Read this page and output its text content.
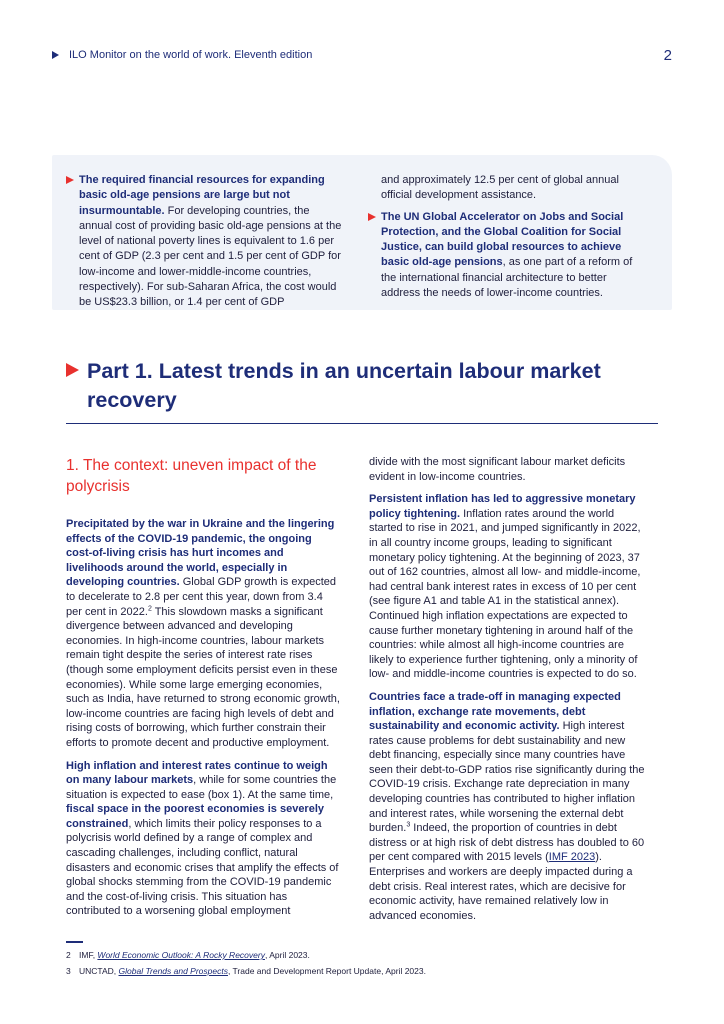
ILO Monitor on the world of work. Eleventh edition	2
The required financial resources for expanding basic old-age pensions are large but not insurmountable. For developing countries, the annual cost of providing basic old-age pensions at the level of national poverty lines is equivalent to 1.6 per cent of GDP (2.3 per cent and 1.5 per cent of GDP for low-income and lower-middle-income countries, respectively). For sub-Saharan Africa, the cost would be US$23.3 billion, or 1.4 per cent of GDP
and approximately 12.5 per cent of global annual official development assistance.
The UN Global Accelerator on Jobs and Social Protection, and the Global Coalition for Social Justice, can build global resources to achieve basic old-age pensions, as one part of a reform of the international financial architecture to better address the needs of lower-income countries.
Part 1. Latest trends in an uncertain labour market recovery
1. The context: uneven impact of the polycrisis

Precipitated by the war in Ukraine and the lingering effects of the COVID-19 pandemic, the ongoing cost-of-living crisis has hurt incomes and livelihoods around the world, especially in developing countries. Global GDP growth is expected to decelerate to 2.8 per cent this year, down from 3.4 per cent in 2022.$^2$ This slowdown masks a significant divergence between advanced and developing economies. In high-income countries, labour markets remain tight despite the series of interest rate rises (though some employment deficits persist even in these economies). While some large emerging economies, such as India, have returned to strong economic growth, low-income countries are facing high levels of debt and rising costs of borrowing, which further constrain their efforts to promote decent and productive employment.

High inflation and interest rates continue to weigh on many labour markets, while for some countries the situation is expected to ease (box 1). At the same time, fiscal space in the poorest economies is severely constrained, which limits their policy responses to a polycrisis world defined by a range of complex and cascading challenges, including conflict, natural disasters and economic crises that amplify the effects of global shocks stemming from the COVID-19 pandemic and the cost-of-living crisis. This situation has contributed to a worsening global employment

divide with the most significant labour market deficits evident in low-income countries.

Persistent inflation has led to aggressive monetary policy tightening. Inflation rates around the world started to rise in 2021, and jumped significantly in 2022, in all country income groups, leading to significant monetary policy tightening. At the beginning of 2023, 37 out of 162 countries, almost all low- and middle-income, had central bank interest rates in excess of 10 per cent (see figure A1 and table A1 in the statistical annex). Continued high inflation expectations are expected to cause further monetary tightening in around half of the countries: while almost all high-income countries are likely to experience further tightening, only a minority of low- and middle-income countries is expected to do so.

Countries face a trade-off in managing expected inflation, exchange rate movements, debt sustainability and economic activity. High interest rates cause problems for debt sustainability and new debt financing, especially since many countries have seen their debt-to-GDP ratios rise significantly during the COVID-19 crisis. Exchange rate depreciation in many developing countries has contributed to higher inflation and interest rates, while worsening the external debt burden.$^3$ Indeed, the proportion of countries in debt distress or at high risk of debt distress has doubled to 60 per cent compared with 2015 levels (IMF 2023). Enterprises and workers are deeply impacted during a debt crisis. Real interest rates, which are decisive for economic activity, have remained relatively low in advanced economies.

2 IMF, World Economic Outlook: A Rocky Recovery, April 2023.
3 UNCTAD, Global Trends and Prospects, Trade and Development Report Update, April 2023.
